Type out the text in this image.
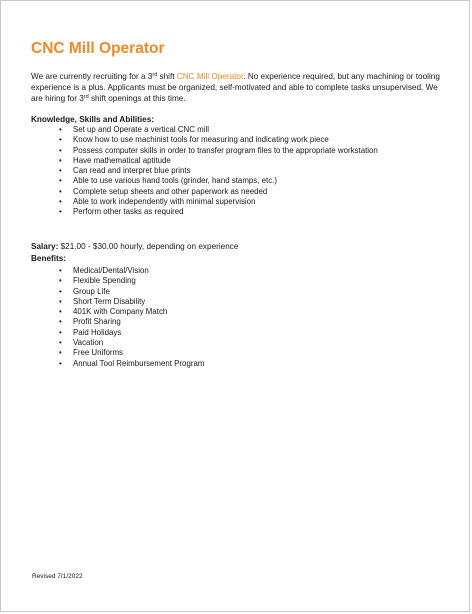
CNC Mill Operator
We are currently recruiting for a 3rd shift CNC Mill Operator. No experience required, but any machining or tooling experience is a plus. Applicants must be organized, self-motivated and able to complete tasks unsupervised. We are hiring for 3rd shift openings at this time.
Knowledge, Skills and Abilities:
• Set up and Operate a vertical CNC mill
• Know how to use machinist tools for measuring and indicating work piece
• Possess computer skills in order to transfer program files to the appropriate workstation
• Have mathematical aptitude
• Can read and interpret blue prints
• Able to use various hand tools (grinder, hand stamps, etc.)
• Complete setup sheets and other paperwork as needed
• Able to work independently with minimal supervision
• Perform other tasks as required
Salary: $21.00 - $30.00 hourly, depending on experience
Benefits:
• Medical/Dental/Vision
• Flexible Spending
• Group Life
• Short Term Disability
• 401K with Company Match
• Profit Sharing
• Paid Holidays
• Vacation
• Free Uniforms
• Annual Tool Reimbursement Program
Revised 7/1/2022
